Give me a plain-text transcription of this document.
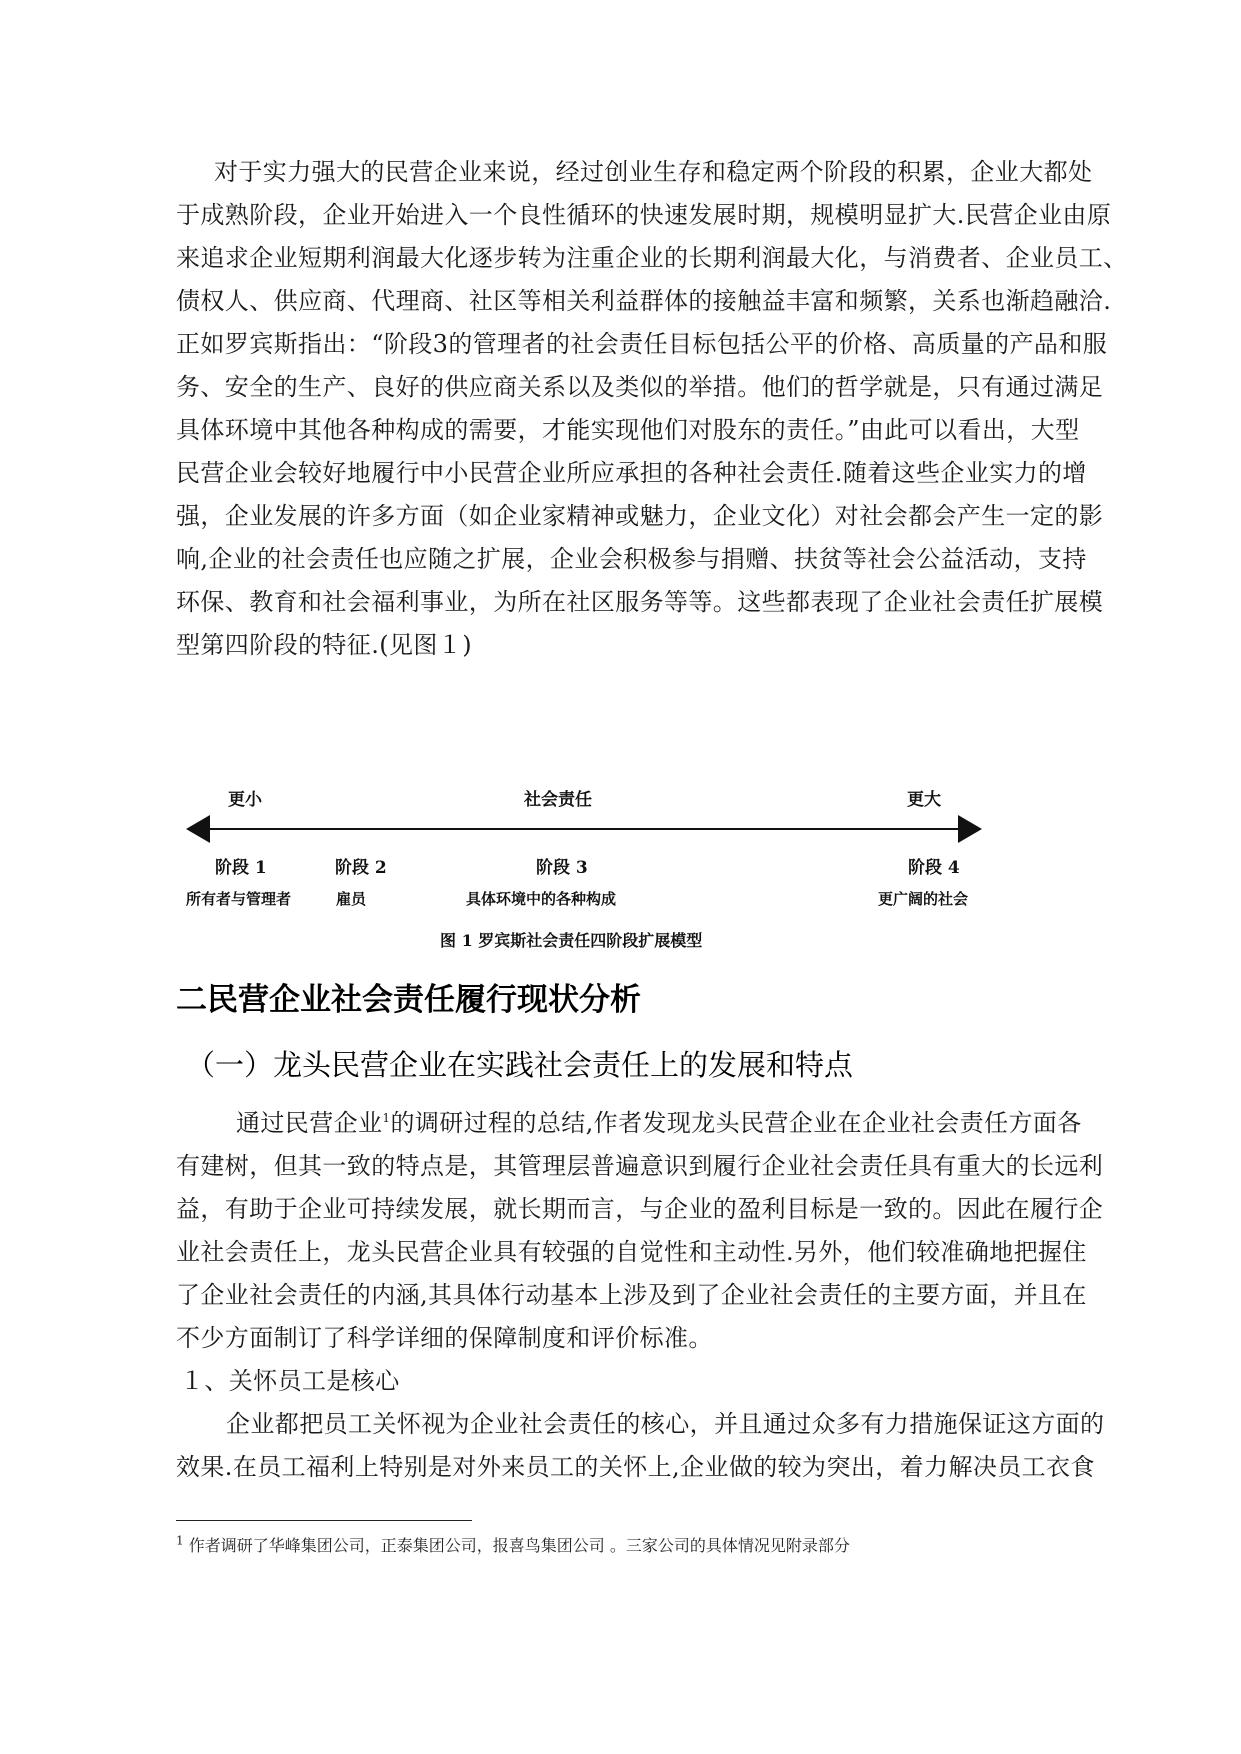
对于实力强大的民营企业来说，经过创业生存和稳定两个阶段的积累，企业大都处
于成熟阶段，企业开始进入一个良性循环的快速发展时期，规模明显扩大.民营企业由原
来追求企业短期利润最大化逐步转为注重企业的长期利润最大化，与消费者、企业员工、
债权人、供应商、代理商、社区等相关利益群体的接触益丰富和频繁，关系也渐趋融洽.
正如罗宾斯指出：“阶段3的管理者的社会责任目标包括公平的价格、高质量的产品和服
务、安全的生产、良好的供应商关系以及类似的举措。他们的哲学就是，只有通过满足
具体环境中其他各种构成的需要，才能实现他们对股东的责任。”由此可以看出，大型
民营企业会较好地履行中小民营企业所应承担的各种社会责任.随着这些企业实力的增
强，企业发展的许多方面（如企业家精神或魅力，企业文化）对社会都会产生一定的影
响,企业的社会责任也应随之扩展，企业会积极参与捐赠、扶贫等社会公益活动，支持
环保、教育和社会福利事业，为所在社区服务等等。这些都表现了企业社会责任扩展模
型第四阶段的特征.(见图１)
更小	社会责任	更大
阶段 1	阶段 2	阶段 3	阶段 4
所有者与管理者	雇员	具体环境中的各种构成	更广阔的社会
图 1 罗宾斯社会责任四阶段扩展模型
二民营企业社会责任履行现状分析
（一）龙头民营企业在实践社会责任上的发展和特点
通过民营企业$^1$的调研过程的总结,作者发现龙头民营企业在企业社会责任方面各
有建树，但其一致的特点是，其管理层普遍意识到履行企业社会责任具有重大的长远利
益，有助于企业可持续发展，就长期而言，与企业的盈利目标是一致的。因此在履行企
业社会责任上，龙头民营企业具有较强的自觉性和主动性.另外，他们较准确地把握住
了企业社会责任的内涵,其具体行动基本上涉及到了企业社会责任的主要方面，并且在
不少方面制订了科学详细的保障制度和评价标准。
１、关怀员工是核心
企业都把员工关怀视为企业社会责任的核心，并且通过众多有力措施保证这方面的
效果.在员工福利上特别是对外来员工的关怀上,企业做的较为突出，着力解决员工衣食
$^1$ 作者调研了华峰集团公司，正泰集团公司，报喜鸟集团公司 。三家公司的具体情况见附录部分
